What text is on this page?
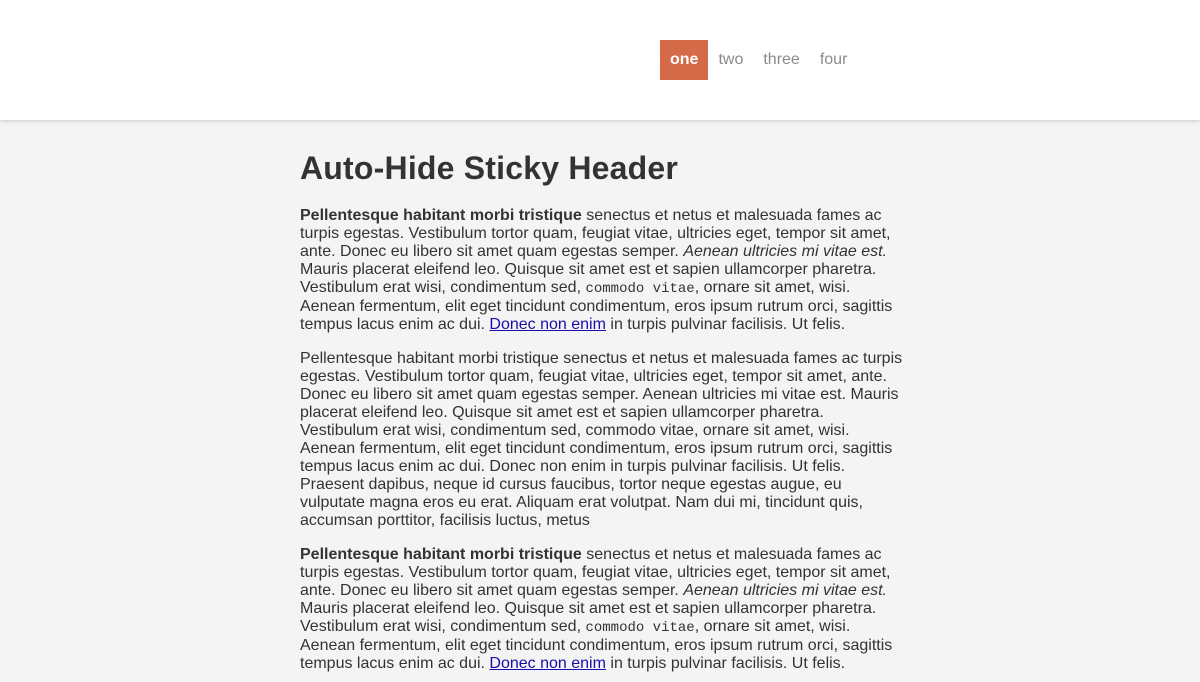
one	two	three	four
Auto-Hide Sticky Header

Pellentesque habitant morbi tristique senectus et netus et malesuada fames ac turpis egestas. Vestibulum tortor quam, feugiat vitae, ultricies eget, tempor sit amet, ante. Donec eu libero sit amet quam egestas semper. Aenean ultricies mi vitae est. Mauris placerat eleifend leo. Quisque sit amet est et sapien ullamcorper pharetra. Vestibulum erat wisi, condimentum sed, commodo vitae, ornare sit amet, wisi. Aenean fermentum, elit eget tincidunt condimentum, eros ipsum rutrum orci, sagittis tempus lacus enim ac dui. Donec non enim in turpis pulvinar facilisis. Ut felis.

Pellentesque habitant morbi tristique senectus et netus et malesuada fames ac turpis egestas. Vestibulum tortor quam, feugiat vitae, ultricies eget, tempor sit amet, ante. Donec eu libero sit amet quam egestas semper. Aenean ultricies mi vitae est. Mauris placerat eleifend leo. Quisque sit amet est et sapien ullamcorper pharetra. Vestibulum erat wisi, condimentum sed, commodo vitae, ornare sit amet, wisi. Aenean fermentum, elit eget tincidunt condimentum, eros ipsum rutrum orci, sagittis tempus lacus enim ac dui. Donec non enim in turpis pulvinar facilisis. Ut felis. Praesent dapibus, neque id cursus faucibus, tortor neque egestas augue, eu vulputate magna eros eu erat. Aliquam erat volutpat. Nam dui mi, tincidunt quis, accumsan porttitor, facilisis luctus, metus

Pellentesque habitant morbi tristique senectus et netus et malesuada fames ac turpis egestas. Vestibulum tortor quam, feugiat vitae, ultricies eget, tempor sit amet, ante. Donec eu libero sit amet quam egestas semper. Aenean ultricies mi vitae est. Mauris placerat eleifend leo. Quisque sit amet est et sapien ullamcorper pharetra. Vestibulum erat wisi, condimentum sed, commodo vitae, ornare sit amet, wisi. Aenean fermentum, elit eget tincidunt condimentum, eros ipsum rutrum orci, sagittis tempus lacus enim ac dui. Donec non enim in turpis pulvinar facilisis. Ut felis.
